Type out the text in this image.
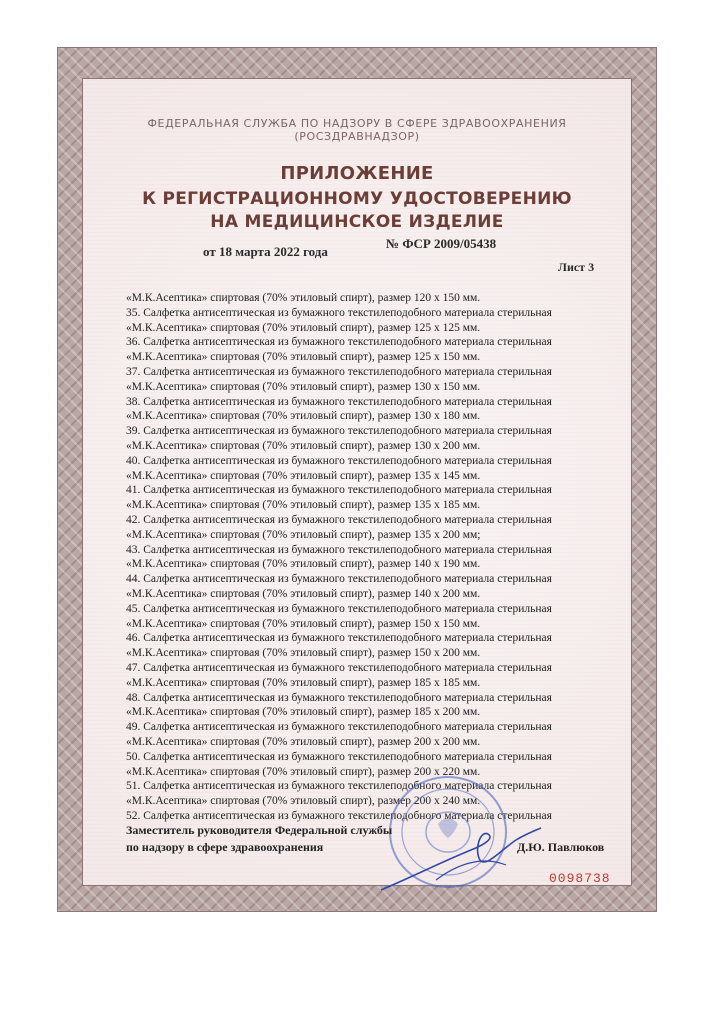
ФЕДЕРАЛЬНАЯ СЛУЖБА ПО НАДЗОРУ В СФЕРЕ ЗДРАВООХРАНЕНИЯ
(РОСЗДРАВНАДЗОР)
ПРИЛОЖЕНИЕ
К РЕГИСТРАЦИОННОМУ УДОСТОВЕРЕНИЮ
НА МЕДИЦИНСКОЕ ИЗДЕЛИЕ
от 18 марта 2022 года
№ ФСР 2009/05438
Лист 3
«М.К.Асептика» спиртовая (70% этиловый спирт), размер 120 x 150 мм.
35. Салфетка антисептическая из бумажного текстилеподобного материала стерильная
«М.К.Асептика» спиртовая (70% этиловый спирт), размер 125 x 125 мм.
36. Салфетка антисептическая из бумажного текстилеподобного материала стерильная
«М.К.Асептика» спиртовая (70% этиловый спирт), размер 125 x 150 мм.
37. Салфетка антисептическая из бумажного текстилеподобного материала стерильная
«М.К.Асептика» спиртовая (70% этиловый спирт), размер 130 x 150 мм.
38. Салфетка антисептическая из бумажного текстилеподобного материала стерильная
«М.К.Асептика» спиртовая (70% этиловый спирт), размер 130 x 180 мм.
39. Салфетка антисептическая из бумажного текстилеподобного материала стерильная
«М.К.Асептика» спиртовая (70% этиловый спирт), размер 130 x 200 мм.
40. Салфетка антисептическая из бумажного текстилеподобного материала стерильная
«М.К.Асептика» спиртовая (70% этиловый спирт), размер 135 x 145 мм.
41. Салфетка антисептическая из бумажного текстилеподобного материала стерильная
«М.К.Асептика» спиртовая (70% этиловый спирт), размер 135 x 185 мм.
42. Салфетка антисептическая из бумажного текстилеподобного материала стерильная
«М.К.Асептика» спиртовая (70% этиловый спирт), размер 135 x 200 мм;
43. Салфетка антисептическая из бумажного текстилеподобного материала стерильная
«М.К.Асептика» спиртовая (70% этиловый спирт), размер 140 x 190 мм.
44. Салфетка антисептическая из бумажного текстилеподобного материала стерильная
«М.К.Асептика» спиртовая (70% этиловый спирт), размер 140 x 200 мм.
45. Салфетка антисептическая из бумажного текстилеподобного материала стерильная
«М.К.Асептика» спиртовая (70% этиловый спирт), размер 150 x 150 мм.
46. Салфетка антисептическая из бумажного текстилеподобного материала стерильная
«М.К.Асептика» спиртовая (70% этиловый спирт), размер 150 x 200 мм.
47. Салфетка антисептическая из бумажного текстилеподобного материала стерильная
«М.К.Асептика» спиртовая (70% этиловый спирт), размер 185 x 185 мм.
48. Салфетка антисептическая из бумажного текстилеподобного материала стерильная
«М.К.Асептика» спиртовая (70% этиловый спирт), размер 185 x 200 мм.
49. Салфетка антисептическая из бумажного текстилеподобного материала стерильная
«М.К.Асептика» спиртовая (70% этиловый спирт), размер 200 x 200 мм.
50. Салфетка антисептическая из бумажного текстилеподобного материала стерильная
«М.К.Асептика» спиртовая (70% этиловый спирт), размер 200 x 220 мм.
51. Салфетка антисептическая из бумажного текстилеподобного материала стерильная
«М.К.Асептика» спиртовая (70% этиловый спирт), размер 200 x 240 мм.
52. Салфетка антисептическая из бумажного текстилеподобного материала стерильная
Заместитель руководителя Федеральной службы
по надзору в сфере здравоохранения	Д.Ю. Павлюков
0098738
